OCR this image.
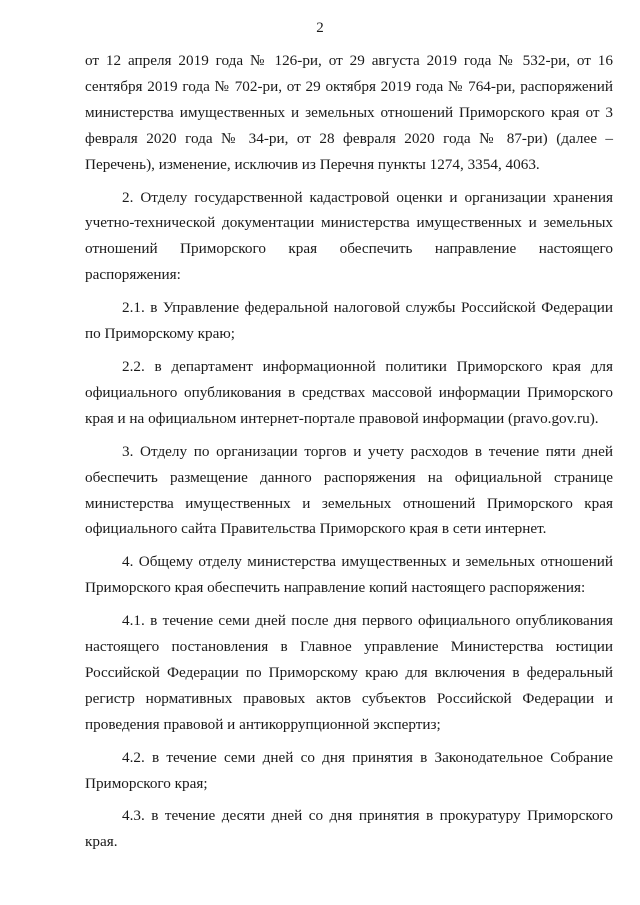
2

от 12 апреля 2019 года № 126-ри, от 29 августа 2019 года № 532-ри, от 16 сентября 2019 года № 702-ри, от 29 октября 2019 года № 764-ри, распоряжений министерства имущественных и земельных отношений Приморского края от 3 февраля 2020 года № 34-ри, от 28 февраля 2020 года № 87-ри) (далее – Перечень), изменение, исключив из Перечня пункты 1274, 3354, 4063.

2. Отделу государственной кадастровой оценки и организации хранения учетно-технической документации министерства имущественных и земельных отношений Приморского края обеспечить направление настоящего распоряжения:

2.1. в Управление федеральной налоговой службы Российской Федерации по Приморскому краю;

2.2. в департамент информационной политики Приморского края для официального опубликования в средствах массовой информации Приморского края и на официальном интернет-портале правовой информации (pravo.gov.ru).

3. Отделу по организации торгов и учету расходов в течение пяти дней обеспечить размещение данного распоряжения на официальной странице министерства имущественных и земельных отношений Приморского края официального сайта Правительства Приморского края в сети интернет.

4. Общему отделу министерства имущественных и земельных отношений Приморского края обеспечить направление копий настоящего распоряжения:

4.1. в течение семи дней после дня первого официального опубликования настоящего постановления в Главное управление Министерства юстиции Российской Федерации по Приморскому краю для включения в федеральный регистр нормативных правовых актов субъектов Российской Федерации и проведения правовой и антикоррупционной экспертиз;

4.2. в течение семи дней со дня принятия в Законодательное Собрание Приморского края;

4.3. в течение десяти дней со дня принятия в прокуратуру Приморского края.
